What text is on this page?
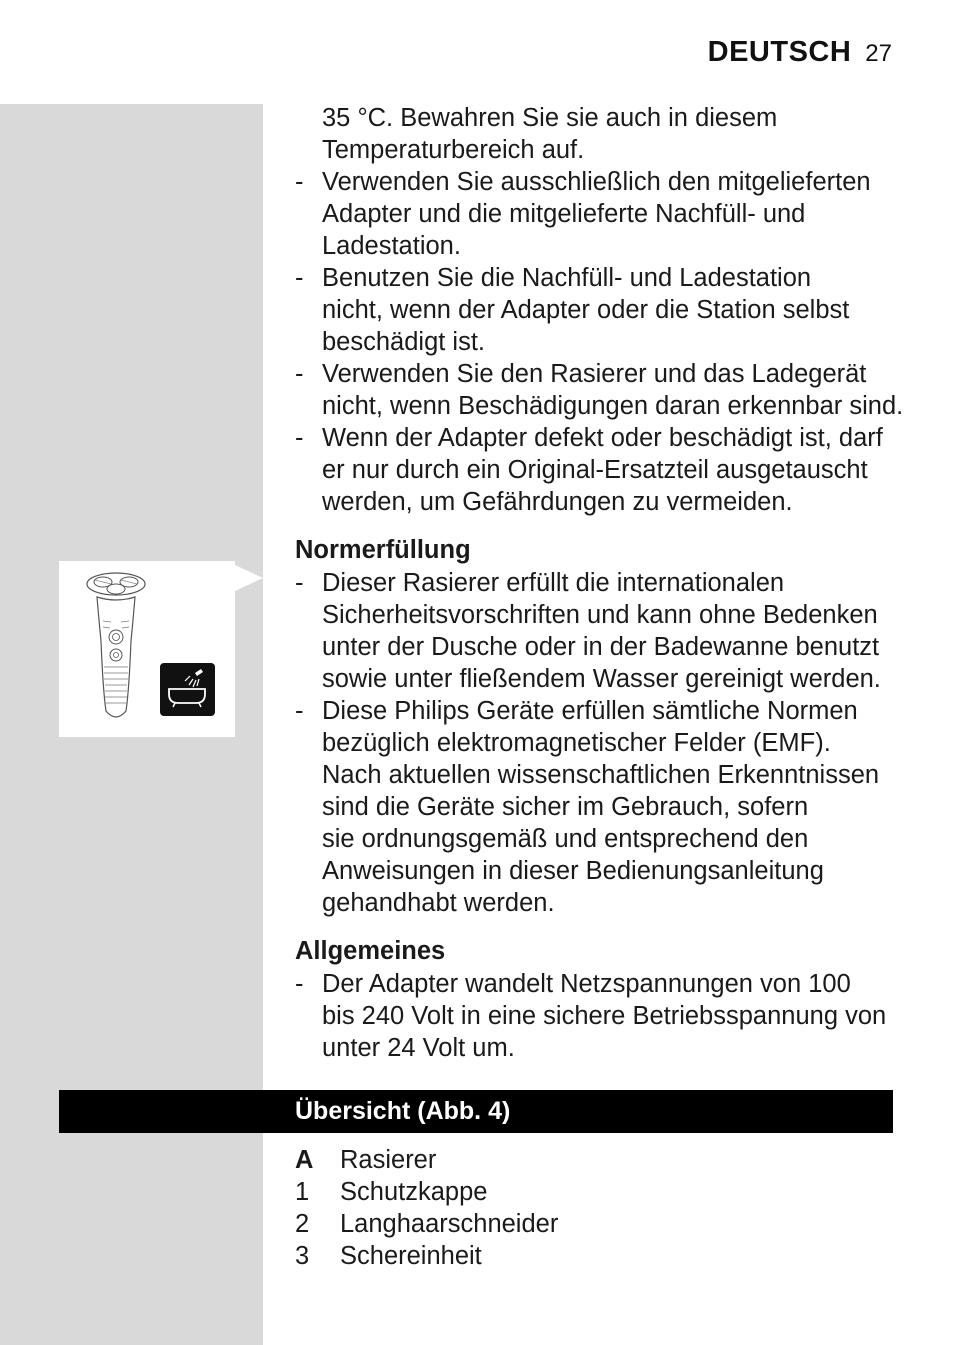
DEUTSCH 27
35 °C. Bewahren Sie sie auch in diesem
Temperaturbereich auf.
- Verwenden Sie ausschließlich den mitgelieferten
Adapter und die mitgelieferte Nachfüll- und
Ladestation.
- Benutzen Sie die Nachfüll- und Ladestation
nicht, wenn der Adapter oder die Station selbst
beschädigt ist.
- Verwenden Sie den Rasierer und das Ladegerät
nicht, wenn Beschädigungen daran erkennbar sind.
- Wenn der Adapter defekt oder beschädigt ist, darf
er nur durch ein Original-Ersatzteil ausgetauscht
werden, um Gefährdungen zu vermeiden.
Normerfüllung
- Dieser Rasierer erfüllt die internationalen
Sicherheitsvorschriften und kann ohne Bedenken
unter der Dusche oder in der Badewanne benutzt
sowie unter fließendem Wasser gereinigt werden.
- Diese Philips Geräte erfüllen sämtliche Normen
bezüglich elektromagnetischer Felder (EMF).
Nach aktuellen wissenschaftlichen Erkenntnissen
sind die Geräte sicher im Gebrauch, sofern
sie ordnungsgemäß und entsprechend den
Anweisungen in dieser Bedienungsanleitung
gehandhabt werden.
Allgemeines
- Der Adapter wandelt Netzspannungen von 100
bis 240 Volt in eine sichere Betriebsspannung von
unter 24 Volt um.
Übersicht (Abb. 4)
A	Rasierer
1	Schutzkappe
2	Langhaarschneider
3	Schereinheit
